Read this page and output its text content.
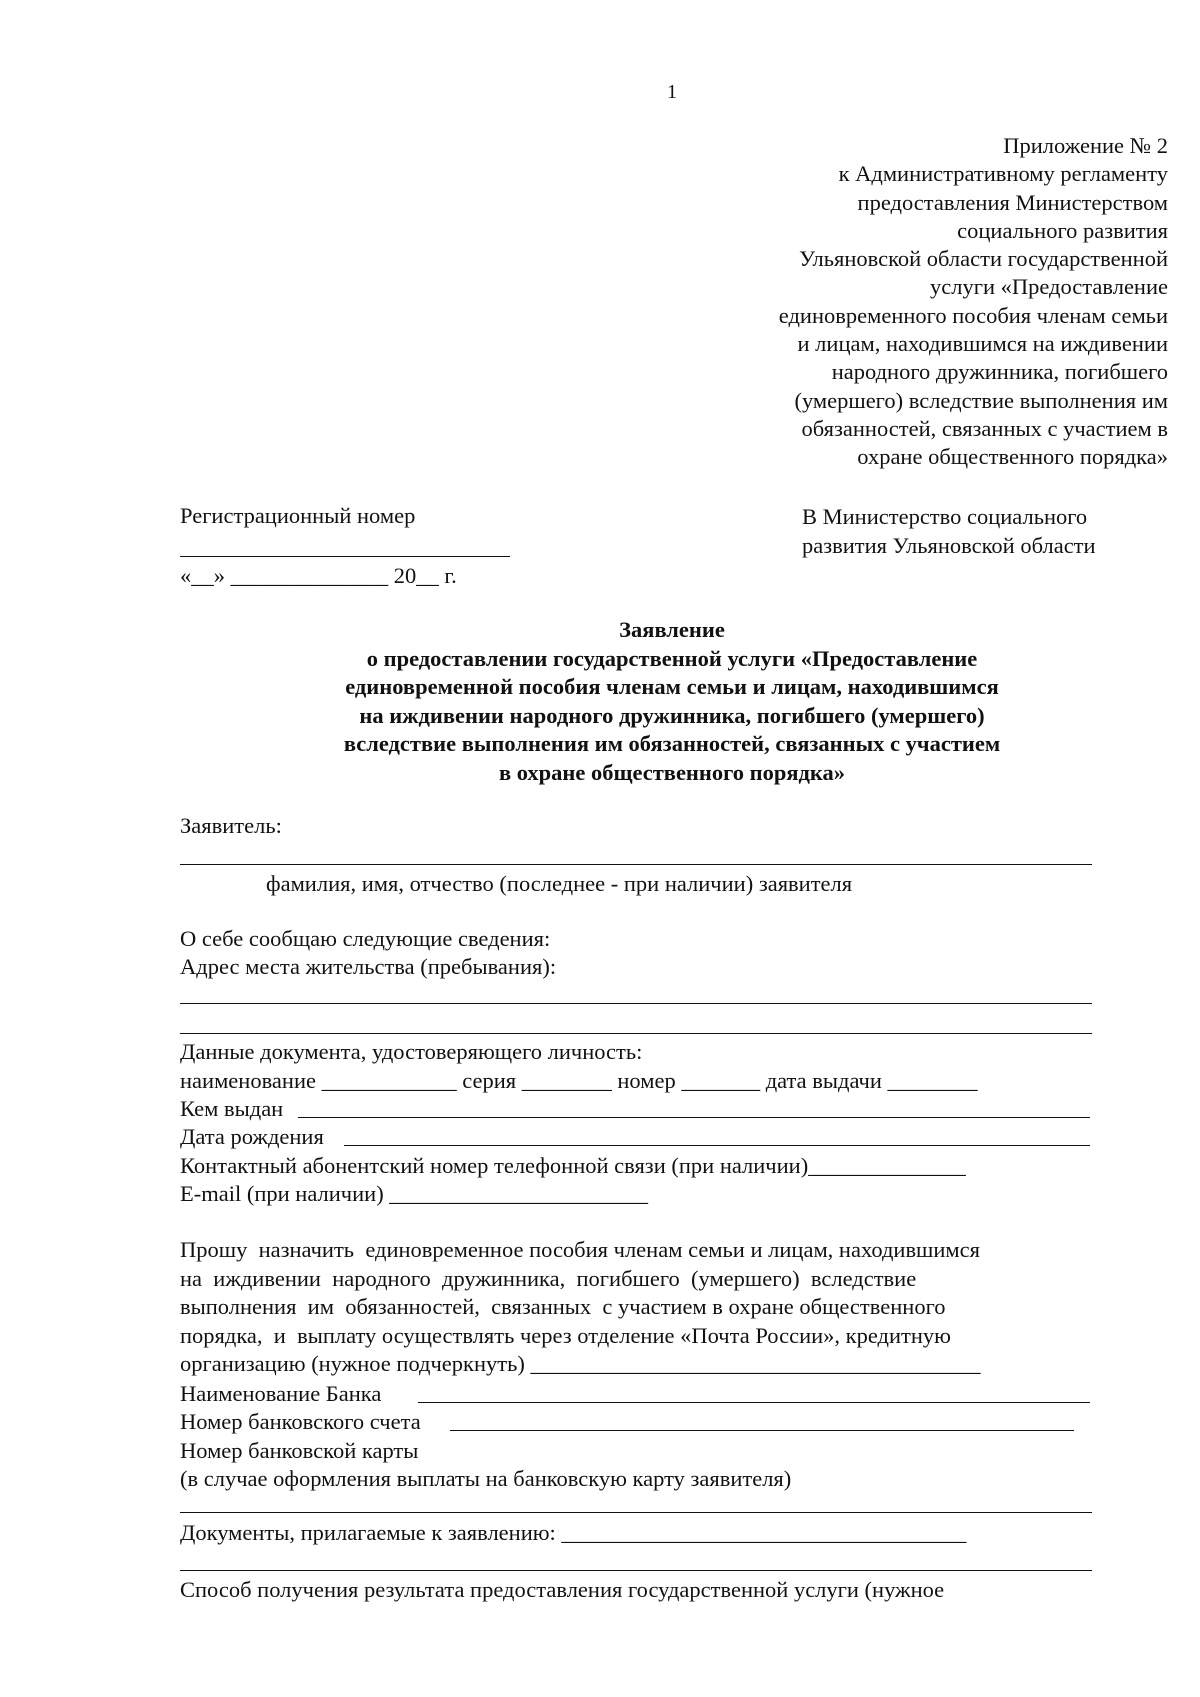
1
Приложение № 2
к Административному регламенту
предоставления Министерством
социального развития
Ульяновской области государственной
услуги «Предоставление
единовременного пособия членам семьи
и лицам, находившимся на иждивении
народного дружинника, погибшего
(умершего) вследствие выполнения им
обязанностей, связанных с участием в
охране общественного порядка»
Регистрационный номер
«__» ______________ 20__ г.
В Министерство социального
развития Ульяновской области
Заявление
о предоставлении государственной услуги «Предоставление
единовременной пособия членам семьи и лицам, находившимся
на иждивении народного дружинника, погибшего (умершего)
вследствие выполнения им обязанностей, связанных с участием
в охране общественного порядка»
Заявитель:
фамилия, имя, отчество (последнее - при наличии) заявителя
О себе сообщаю следующие сведения:
Адрес места жительства (пребывания):
Данные документа, удостоверяющего личность:
наименование ____________ серия ________ номер _______ дата выдачи ________
Кем выдан
Дата рождения
Контактный абонентский номер телефонной связи (при наличии)______________
E-mail (при наличии) _______________________
Прошу  назначить  единовременное пособия членам семьи и лицам, находившимся
на  иждивении  народного  дружинника,  погибшего  (умершего)  вследствие
выполнения  им  обязанностей,  связанных  с участием в охране общественного
порядка,  и  выплату осуществлять через отделение «Почта России», кредитную
организацию (нужное подчеркнуть) ________________________________________
Наименование Банка
Номер банковского счета
Номер банковской карты
(в случае оформления выплаты на банковскую карту заявителя)
Документы, прилагаемые к заявлению: ____________________________________
Способ получения результата предоставления государственной услуги (нужное
